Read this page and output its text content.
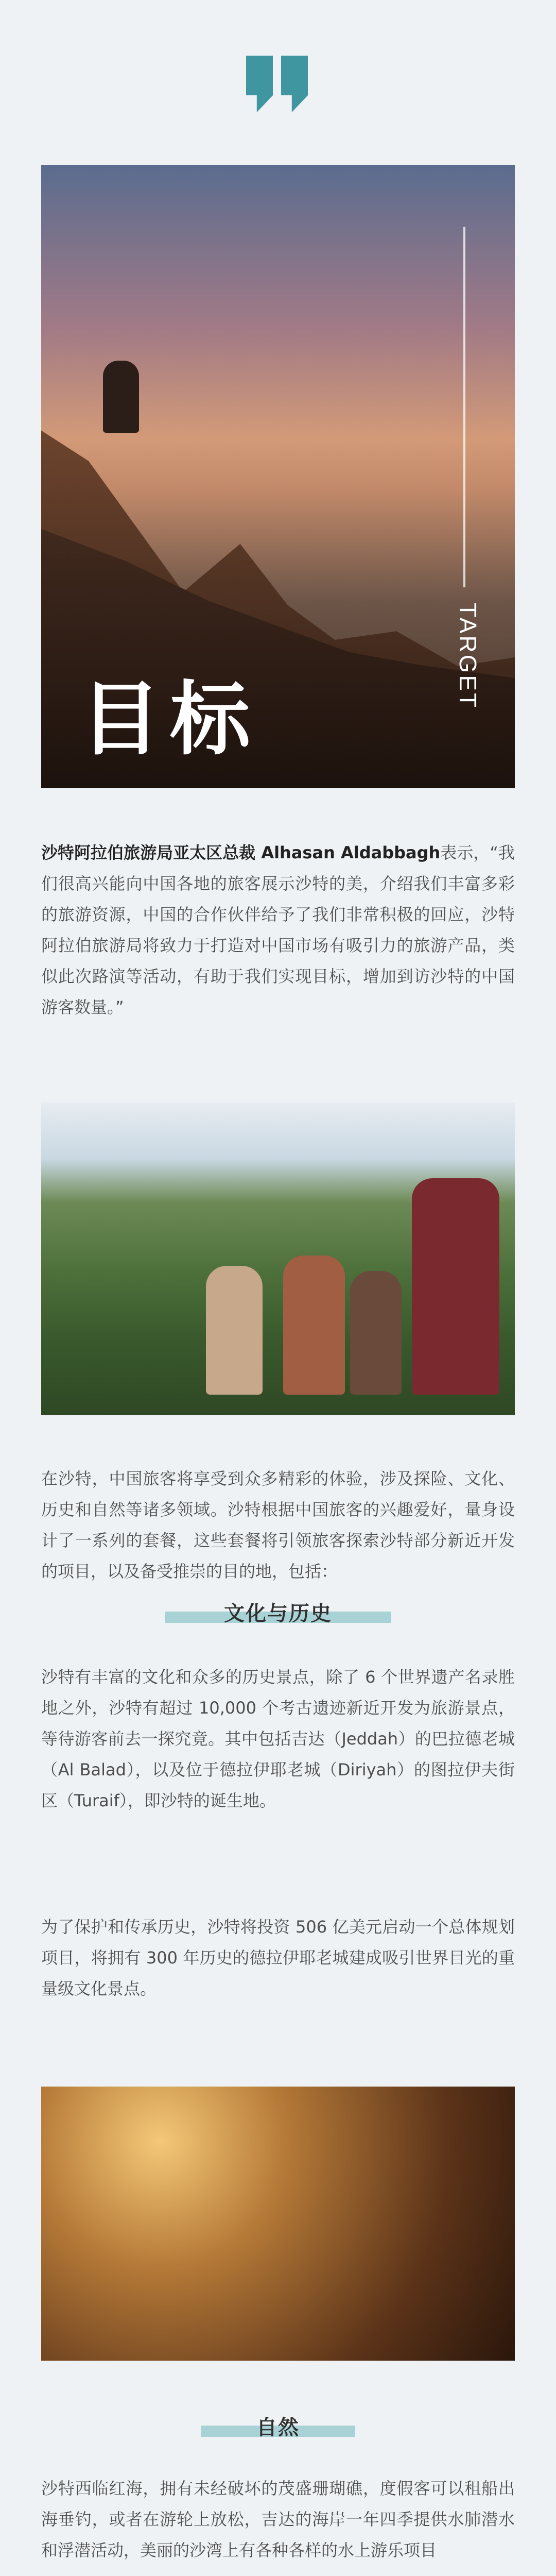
TARGET
目标

沙特阿拉伯旅游局亚太区总裁 Alhasan Aldabbagh表示，“我们很高兴能向中国各地的旅客展示沙特的美，介绍我们丰富多彩的旅游资源，中国的合作伙伴给予了我们非常积极的回应，沙特阿拉伯旅游局将致力于打造对中国市场有吸引力的旅游产品，类似此次路演等活动，有助于我们实现目标，增加到访沙特的中国游客数量。”

在沙特，中国旅客将享受到众多精彩的体验，涉及探险、文化、历史和自然等诸多领域。沙特根据中国旅客的兴趣爱好，量身设计了一系列的套餐，这些套餐将引领旅客探索沙特部分新近开发的项目，以及备受推崇的目的地，包括：

文化与历史

沙特有丰富的文化和众多的历史景点，除了 6 个世界遗产名录胜地之外，沙特有超过 10,000 个考古遗迹新近开发为旅游景点，等待游客前去一探究竟。其中包括吉达（Jeddah）的巴拉德老城（Al Balad），以及位于德拉伊耶老城（Diriyah）的图拉伊夫街区（Turaif），即沙特的诞生地。

为了保护和传承历史，沙特将投资 506 亿美元启动一个总体规划项目，将拥有 300 年历史的德拉伊耶老城建成吸引世界目光的重量级文化景点。

自然

沙特西临红海，拥有未经破坏的茂盛珊瑚礁，度假客可以租船出海垂钓，或者在游轮上放松，吉达的海岸一年四季提供水肺潜水和浮潜活动，美丽的沙湾上有各种各样的水上游乐项目
